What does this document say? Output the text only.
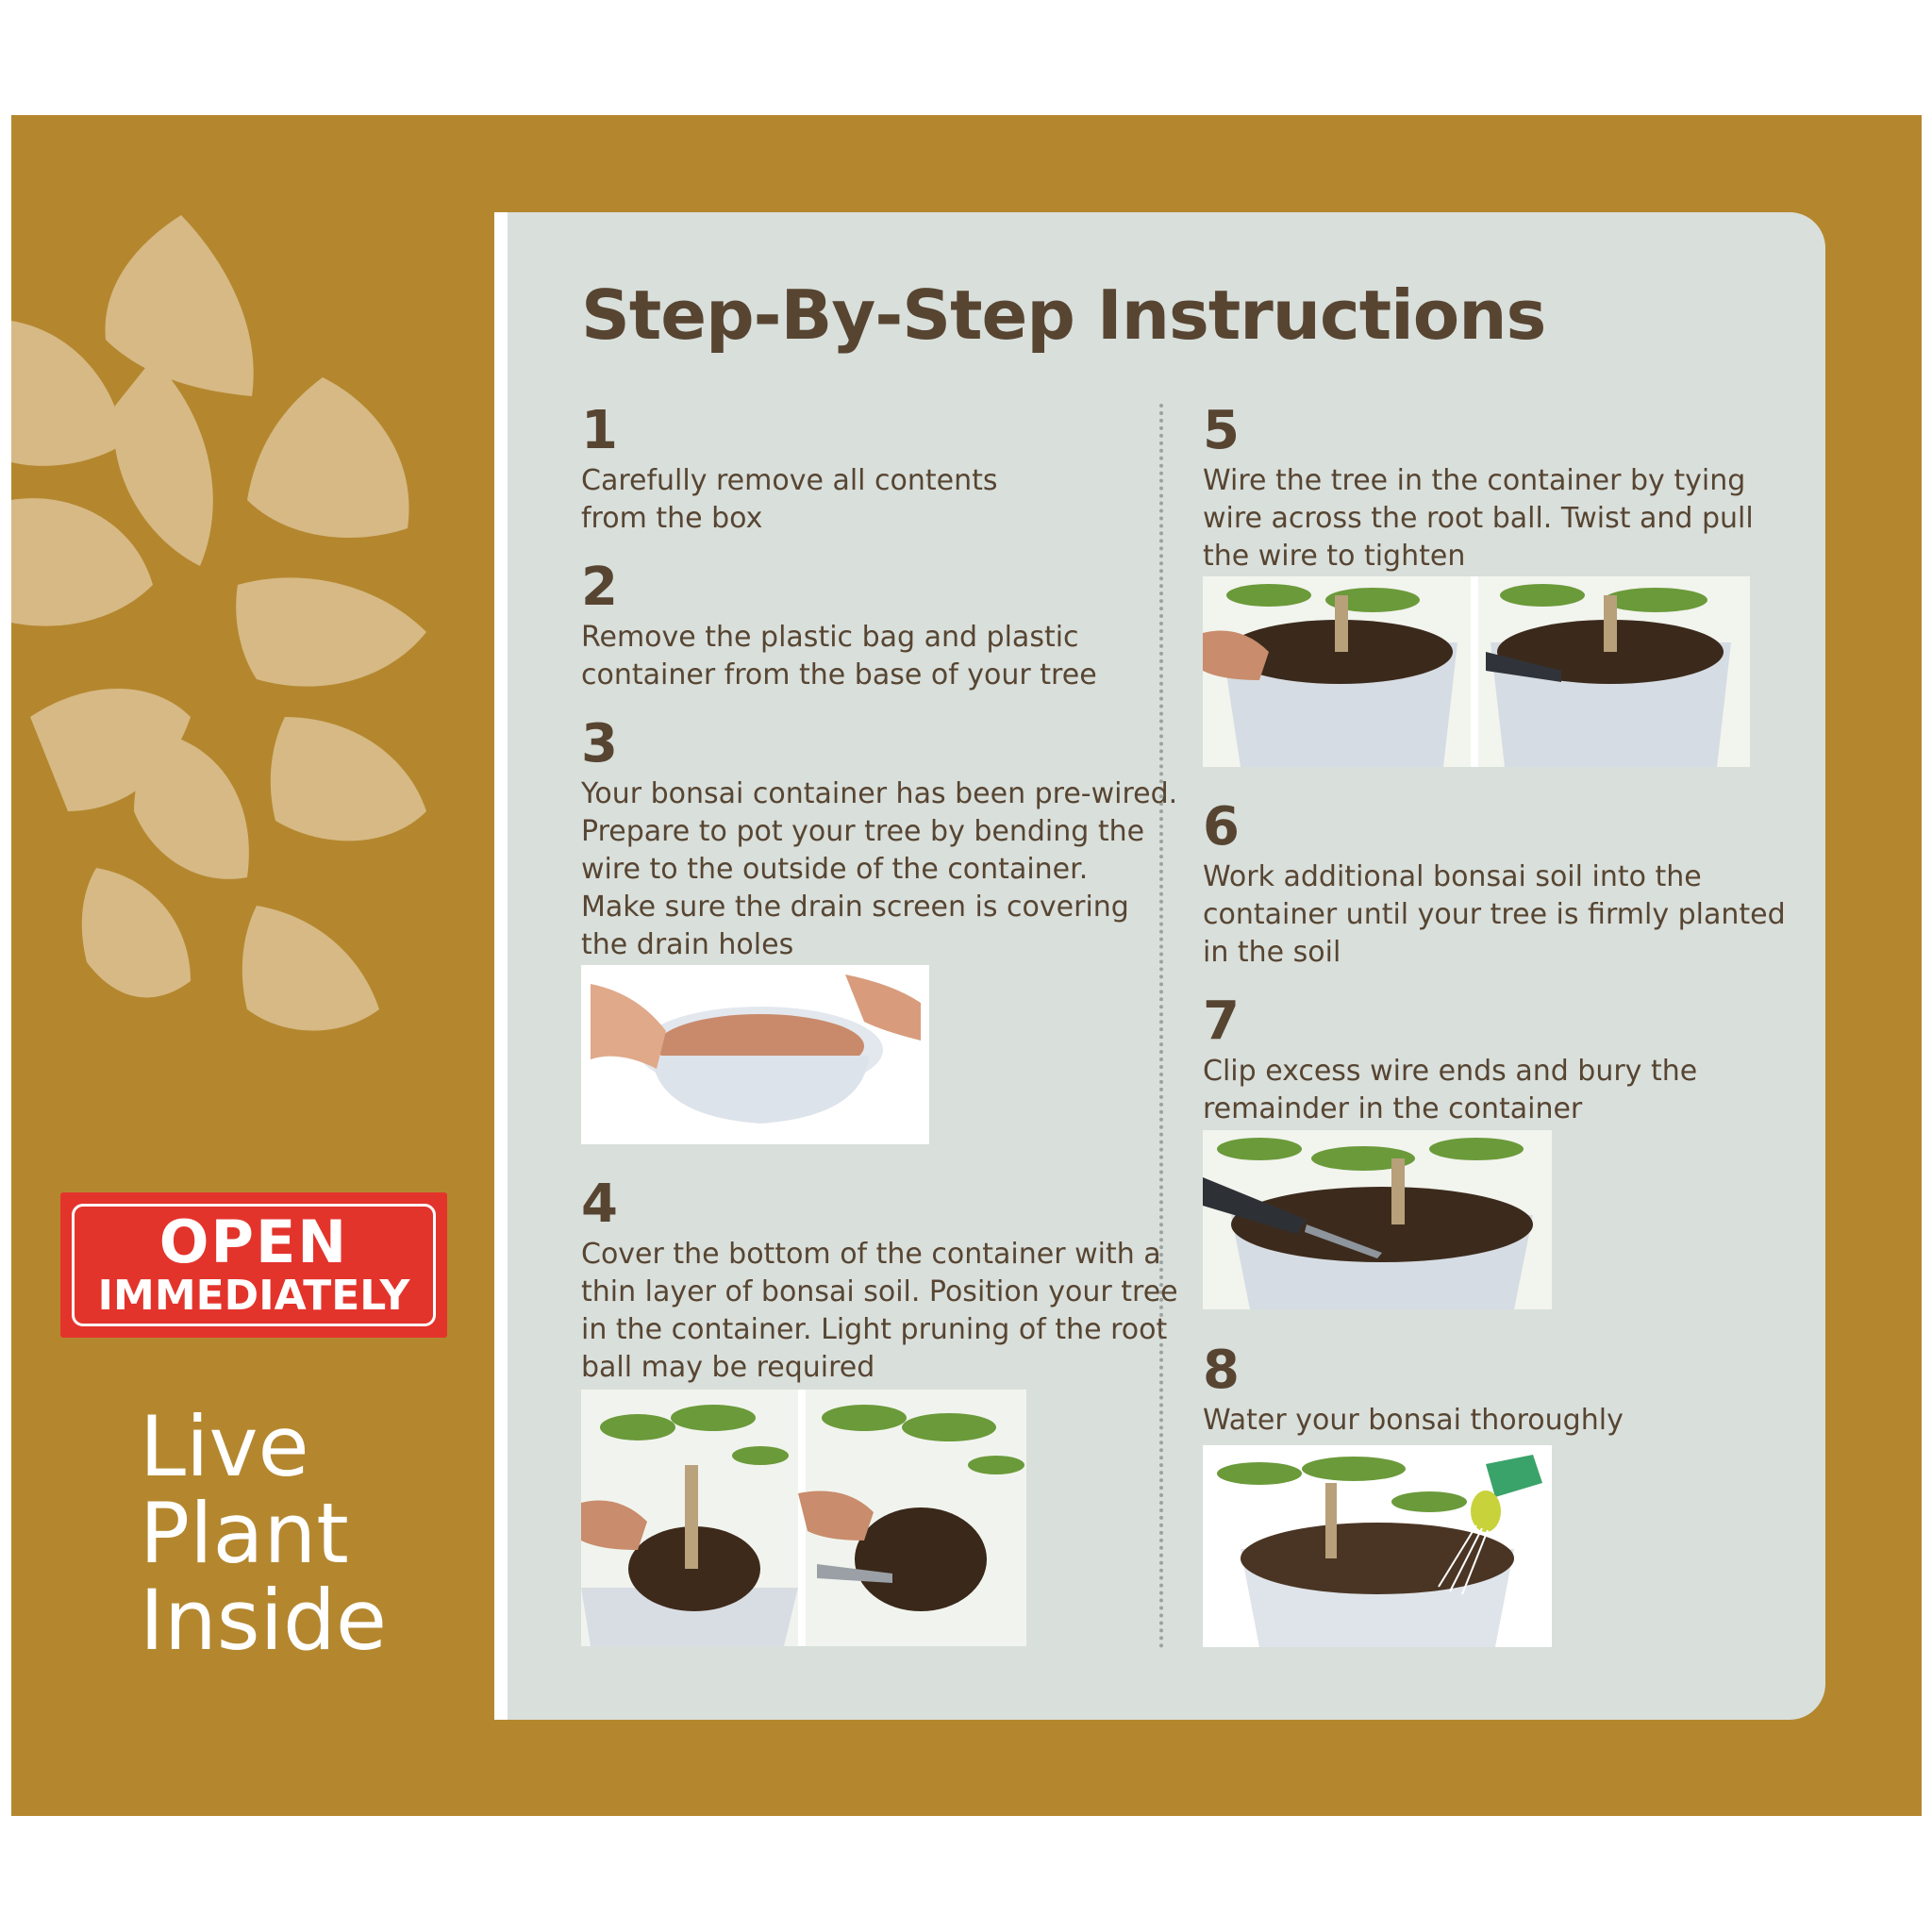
OPEN
IMMEDIATELY
Live
Plant
Inside
Step-By-Step Instructions
1
Carefully remove all contents
from the box
2
Remove the plastic bag and plastic
container from the base of your tree
3
Your bonsai container has been pre-wired.
Prepare to pot your tree by bending the
wire to the outside of the container.
Make sure the drain screen is covering
the drain holes
4
Cover the bottom of the container with a
thin layer of bonsai soil. Position your tree
in the container. Light pruning of the root
ball may be required
5
Wire the tree in the container by tying
wire across the root ball. Twist and pull
the wire to tighten
6
Work additional bonsai soil into the
container until your tree is firmly planted
in the soil
7
Clip excess wire ends and bury the
remainder in the container
8
Water your bonsai thoroughly
